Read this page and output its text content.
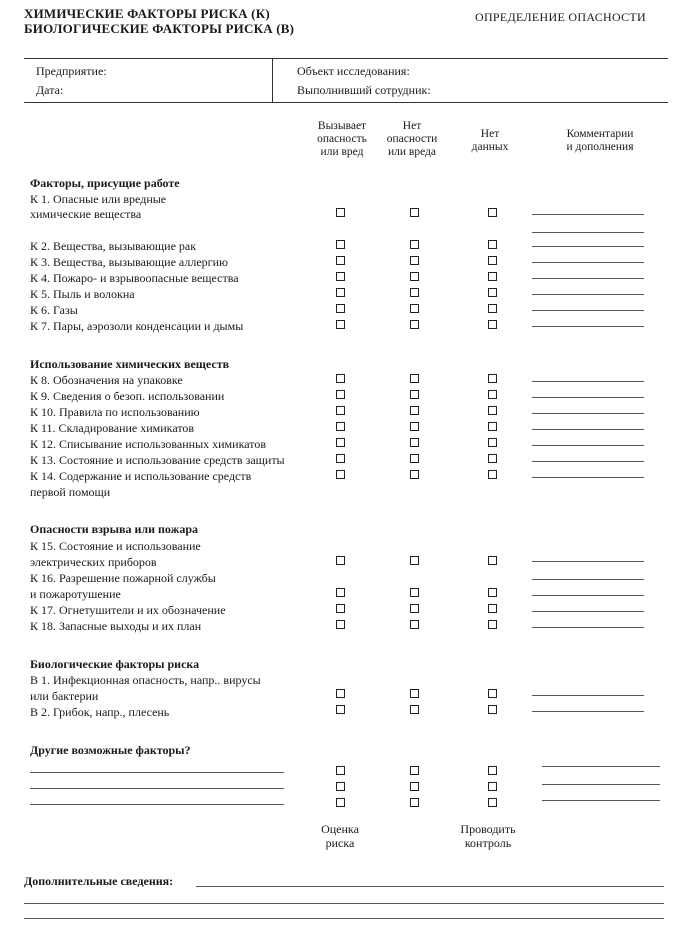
ХИМИЧЕСКИЕ ФАКТОРЫ РИСКА (К)
БИОЛОГИЧЕСКИЕ ФАКТОРЫ РИСКА (В)
ОПРЕДЕЛЕНИЕ ОПАСНОСТИ
Предприятие:
Дата:
Объект исследования:
Выполнивший сотрудник:
Вызывает
опасность
или вред
Нет
опасности
или вреда
Нет
данных
Комментарии
и дополнения
Факторы, присущие работе
К 1. Опасные или вредные
химические вещества
К 2. Вещества, вызывающие рак
К 3. Вещества, вызывающие аллергию
К 4. Пожаро- и взрывоопасные вещества
К 5. Пыль и волокна
К 6. Газы
К 7. Пары, аэрозоли конденсации и дымы
Использование химических веществ
К 8. Обозначения на упаковке
К 9. Сведения о безоп. использовании
К 10. Правила по использованию
К 11. Складирование химикатов
К 12. Списывание использованных химикатов
К 13. Состояние и использование средств защиты
К 14. Содержание и использование средств
первой помощи
Опасности взрыва или пожара
К 15. Состояние и использование
электрических приборов
К 16. Разрешение пожарной службы
и пожаротушение
К 17. Огнетушители и их обозначение
К 18. Запасные выходы и их план
Биологические факторы риска
В 1. Инфекционная опасность, напр.. вирусы
или бактерии
В 2. Грибок, напр., плесень
Другие возможные факторы?
Оценка
риска
Проводить
контроль
Дополнительные сведения:
